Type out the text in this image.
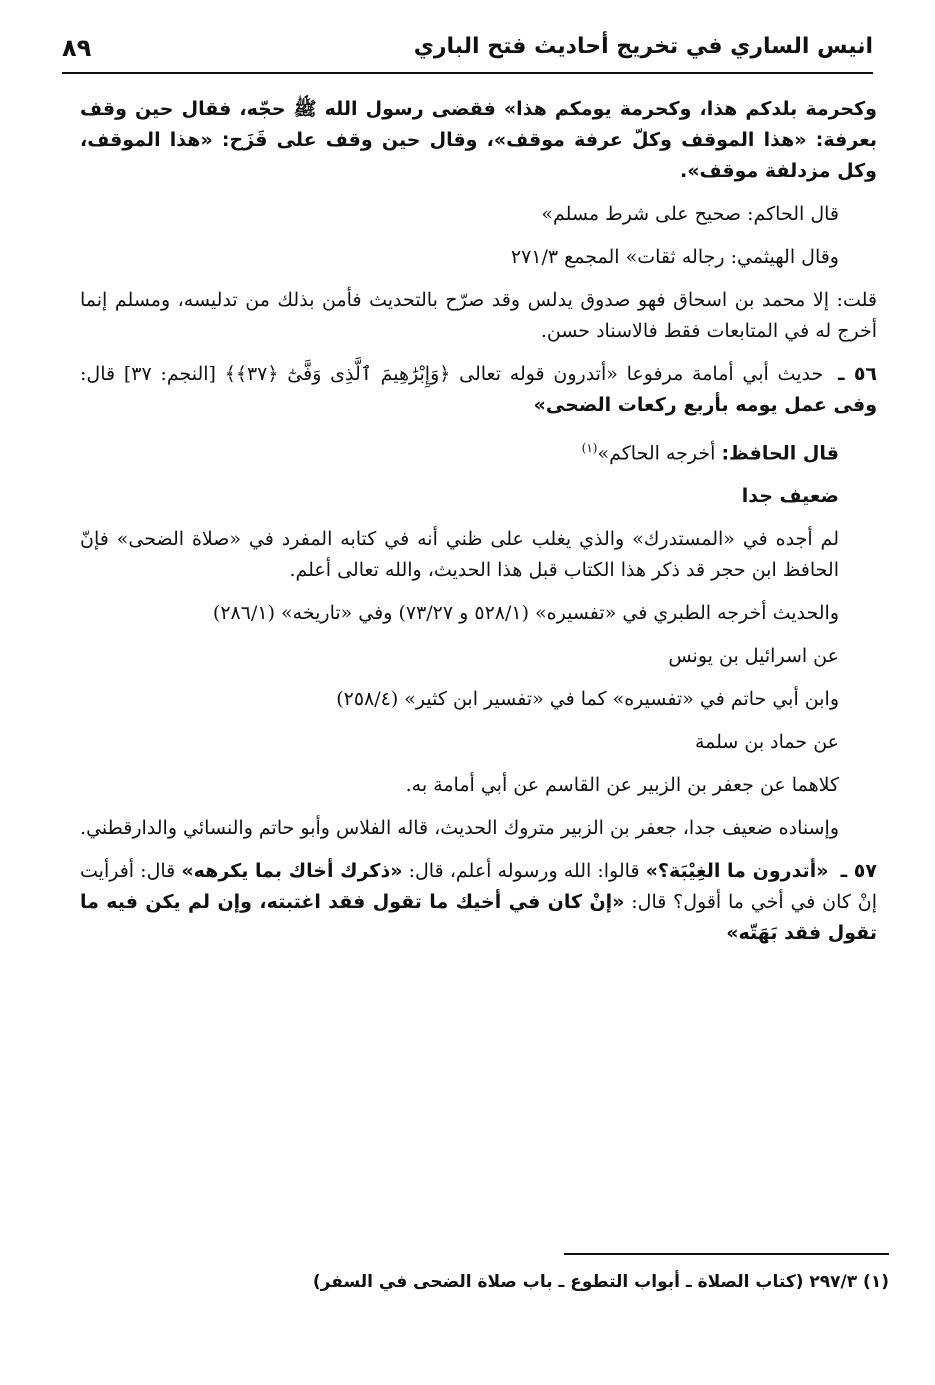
انيس الساري في تخريج أحاديث فتح الباري
٨٩

وكحرمة بلدكم هذا، وكحرمة يومكم هذا» فقضى رسول الله ﷺ حجّه، فقال حين وقف بعرفة: «هذا الموقف وكلّ عرفة موقف»، وقال حين وقف على قَزَح: «هذا الموقف، وكل مزدلفة موقف».

قال الحاكم: صحيح على شرط مسلم»

وقال الهيثمي: رجاله ثقات» المجمع ٢٧١/٣

قلت: إلا محمد بن اسحاق فهو صدوق يدلس وقد صرّح بالتحديث فأمن بذلك من تدليسه، ومسلم إنما أخرج له في المتابعات فقط فالاسناد حسن.

٥٦ ـ حديث أبي أمامة مرفوعا «أتدرون قوله تعالى ﴿وَإِبْرَٰهِيمَ ٱلَّذِى وَفَّىٰٓ ﴿٣٧﴾﴾ [النجم: ٣٧] قال: وفى عمل يومه بأربع ركعات الضحى»

قال الحافظ: أخرجه الحاكم»$^{(١)}$

ضعيف جدا

لم أجده في «المستدرك» والذي يغلب على ظني أنه في كتابه المفرد في «صلاة الضحى» فإنّ الحافظ ابن حجر قد ذكر هذا الكتاب قبل هذا الحديث، والله تعالى أعلم.

والحديث أخرجه الطبري في «تفسيره» (٥٢٨/١ و ٧٣/٢٧) وفي «تاريخه» (٢٨٦/١)

عن اسرائيل بن يونس

وابن أبي حاتم في «تفسيره» كما في «تفسير ابن كثير» (٢٥٨/٤)

عن حماد بن سلمة

كلاهما عن جعفر بن الزبير عن القاسم عن أبي أمامة به.

وإسناده ضعيف جدا، جعفر بن الزبير متروك الحديث، قاله الفلاس وأبو حاتم والنسائي والدارقطني.

٥٧ ـ «أتدرون ما الغِيْبَة؟» قالوا: الله ورسوله أعلم، قال: «ذكرك أخاك بما يكرهه» قال: أفرأيت إنْ كان في أخي ما أقول؟ قال: «إنْ كان في أخيك ما تقول فقد اغتبته، وإن لم يكن فيه ما تقول فقد بَهَتّه»

(١) ٢٩٧/٣ (كتاب الصلاة ـ أبواب التطوع ـ باب صلاة الضحى في السفر)
